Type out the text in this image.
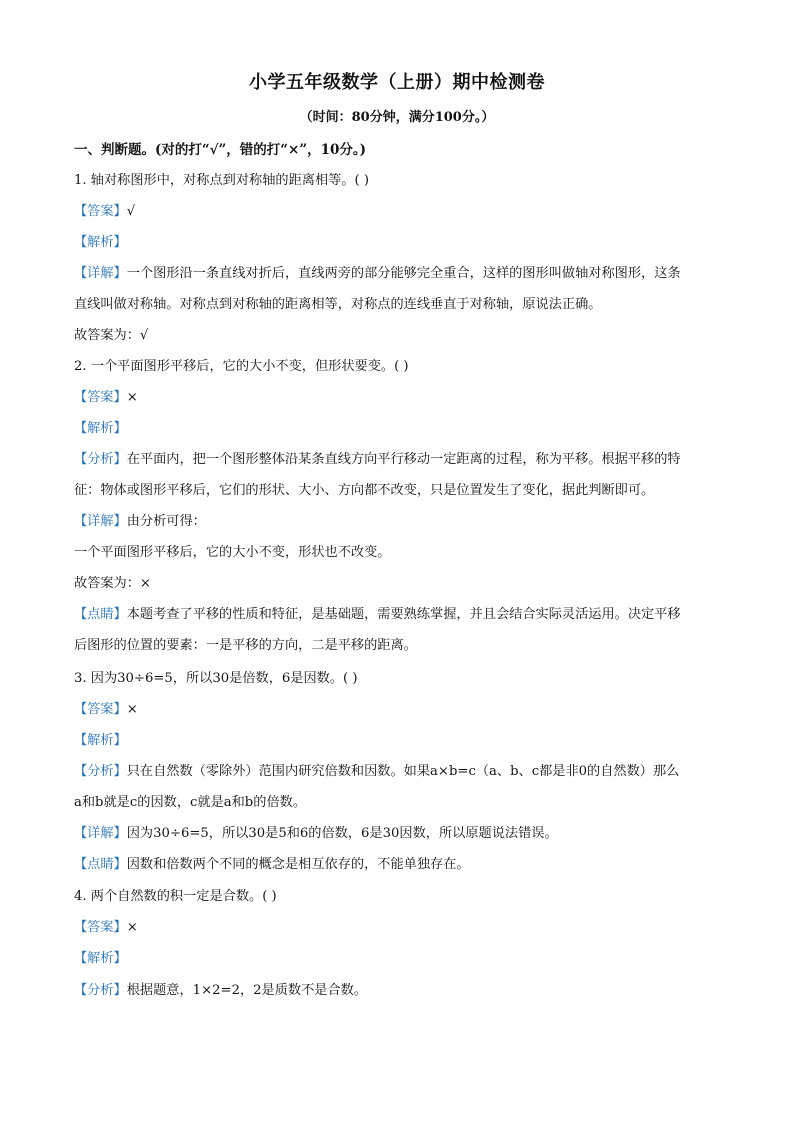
小学五年级数学（上册）期中检测卷
（时间：80分钟，满分100分。）
一、判断题。(对的打“√”，错的打“×”，10分。)
1. 轴对称图形中，对称点到对称轴的距离相等。( )
【答案】√
【解析】
【详解】一个图形沿一条直线对折后，直线两旁的部分能够完全重合，这样的图形叫做轴对称图形，这条
直线叫做对称轴。对称点到对称轴的距离相等，对称点的连线垂直于对称轴，原说法正确。
故答案为：√
2. 一个平面图形平移后，它的大小不变，但形状要变。( )
【答案】×
【解析】
【分析】在平面内，把一个图形整体沿某条直线方向平行移动一定距离的过程，称为平移。根据平移的特
征：物体或图形平移后，它们的形状、大小、方向都不改变，只是位置发生了变化，据此判断即可。
【详解】由分析可得：
一个平面图形平移后，它的大小不变，形状也不改变。
故答案为：×
【点睛】本题考查了平移的性质和特征，是基础题，需要熟练掌握，并且会结合实际灵活运用。决定平移
后图形的位置的要素：一是平移的方向，二是平移的距离。
3. 因为30÷6=5，所以30是倍数，6是因数。( )
【答案】×
【解析】
【分析】只在自然数（零除外）范围内研究倍数和因数。如果a×b=c（a、b、c都是非0的自然数）那么
a和b就是c的因数，c就是a和b的倍数。
【详解】因为30÷6=5，所以30是5和6的倍数，6是30因数，所以原题说法错误。
【点睛】因数和倍数两个不同的概念是相互依存的，不能单独存在。
4. 两个自然数的积一定是合数。( )
【答案】×
【解析】
【分析】根据题意，1×2=2，2是质数不是合数。
